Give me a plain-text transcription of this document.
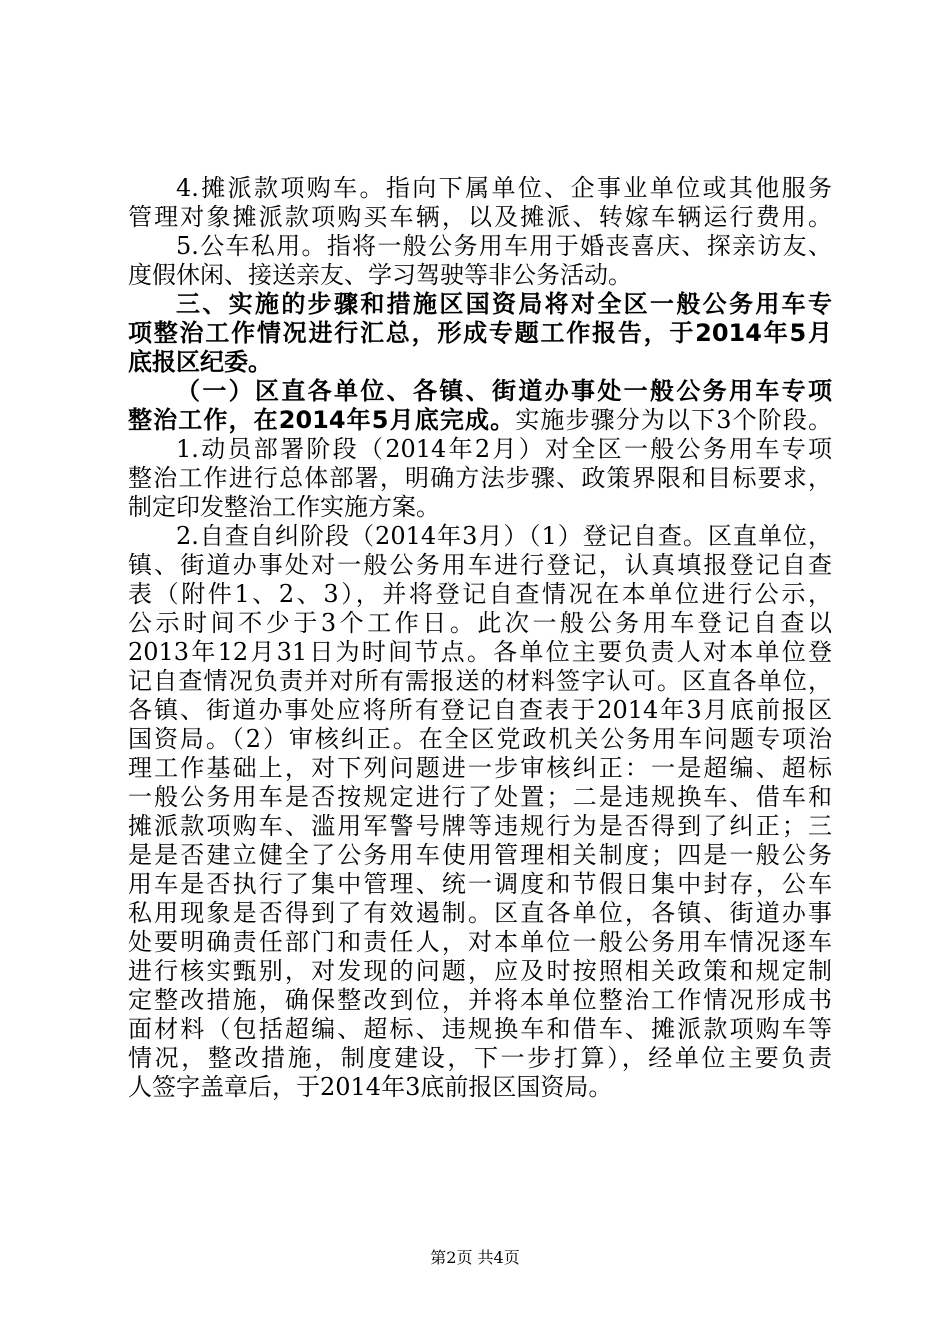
4.摊派款项购车。指向下属单位、企事业单位或其他服务
管理对象摊派款项购买车辆，以及摊派、转嫁车辆运行费用。
5.公车私用。指将一般公务用车用于婚丧喜庆、探亲访友、
度假休闲、接送亲友、学习驾驶等非公务活动。
三、实施的步骤和措施区国资局将对全区一般公务用车专
项整治工作情况进行汇总，形成专题工作报告，于2014年5月
底报区纪委。
（一）区直各单位、各镇、街道办事处一般公务用车专项
整治工作，在2014年5月底完成。实施步骤分为以下3个阶段。
1.动员部署阶段（2014年2月）对全区一般公务用车专项
整治工作进行总体部署，明确方法步骤、政策界限和目标要求，
制定印发整治工作实施方案。
2.自查自纠阶段（2014年3月）（1）登记自查。区直单位，
镇、街道办事处对一般公务用车进行登记，认真填报登记自查
表（附件1、2、3），并将登记自查情况在本单位进行公示，
公示时间不少于3个工作日。此次一般公务用车登记自查以
2013年12月31日为时间节点。各单位主要负责人对本单位登
记自查情况负责并对所有需报送的材料签字认可。区直各单位，
各镇、街道办事处应将所有登记自查表于2014年3月底前报区
国资局。（2）审核纠正。在全区党政机关公务用车问题专项治
理工作基础上，对下列问题进一步审核纠正：一是超编、超标
一般公务用车是否按规定进行了处置；二是违规换车、借车和
摊派款项购车、滥用军警号牌等违规行为是否得到了纠正；三
是是否建立健全了公务用车使用管理相关制度；四是一般公务
用车是否执行了集中管理、统一调度和节假日集中封存，公车
私用现象是否得到了有效遏制。区直各单位，各镇、街道办事
处要明确责任部门和责任人，对本单位一般公务用车情况逐车
进行核实甄别，对发现的问题，应及时按照相关政策和规定制
定整改措施，确保整改到位，并将本单位整治工作情况形成书
面材料（包括超编、超标、违规换车和借车、摊派款项购车等
情况，整改措施，制度建设，下一步打算），经单位主要负责
人签字盖章后，于2014年3底前报区国资局。
第2页 共4页
